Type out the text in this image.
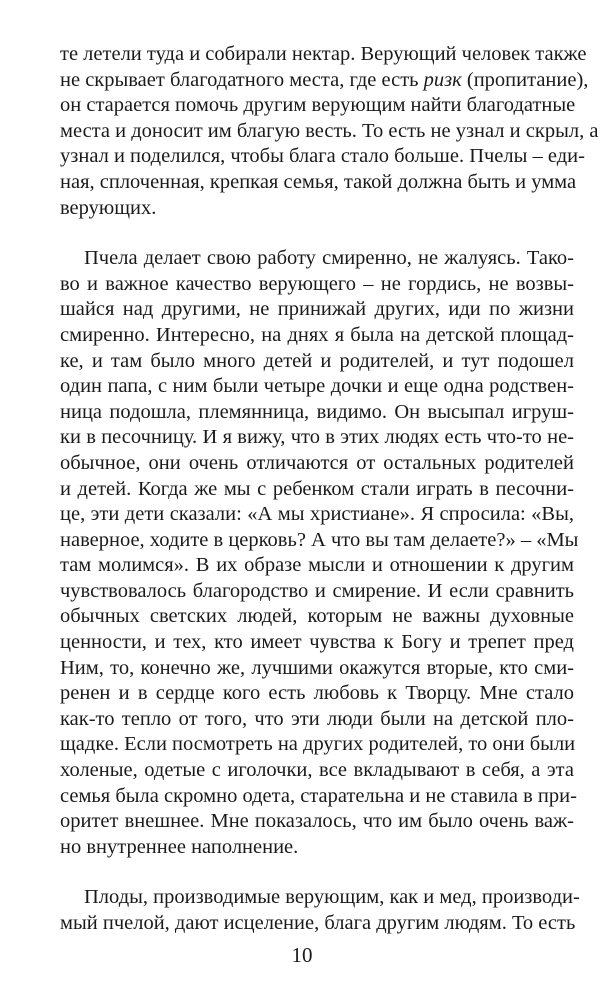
те летели туда и собирали нектар. Верующий человек также
не скрывает благодатного места, где есть ризк (пропитание),
он старается помочь другим верующим найти благодатные
места и доносит им благую весть. То есть не узнал и скрыл, а
узнал и поделился, чтобы блага стало больше. Пчелы – еди-
ная, сплоченная, крепкая семья, такой должна быть и умма
верующих.
Пчела делает свою работу смиренно, не жалуясь. Тако-
во и важное качество верующего – не гордись, не возвы-
шайся над другими, не принижай других, иди по жизни
смиренно. Интересно, на днях я была на детской площад-
ке, и там было много детей и родителей, и тут подошел
один папа, с ним были четыре дочки и еще одна родствен-
ница подошла, племянница, видимо. Он высыпал игруш-
ки в песочницу. И я вижу, что в этих людях есть что-то не-
обычное, они очень отличаются от остальных родителей
и детей. Когда же мы с ребенком стали играть в песочни-
це, эти дети сказали: «А мы христиане». Я спросила: «Вы,
наверное, ходите в церковь? А что вы там делаете?» – «Мы
там молимся». В их образе мысли и отношении к другим
чувствовалось благородство и смирение. И если сравнить
обычных светских людей, которым не важны духовные
ценности, и тех, кто имеет чувства к Богу и трепет пред
Ним, то, конечно же, лучшими окажутся вторые, кто сми-
ренен и в сердце кого есть любовь к Творцу. Мне стало
как-то тепло от того, что эти люди были на детской пло-
щадке. Если посмотреть на других родителей, то они были
холеные, одетые с иголочки, все вкладывают в себя, а эта
семья была скромно одета, старательна и не ставила в при-
оритет внешнее. Мне показалось, что им было очень важ-
но внутреннее наполнение.
Плоды, производимые верующим, как и мед, производи-
мый пчелой, дают исцеление, блага другим людям. То есть
10
